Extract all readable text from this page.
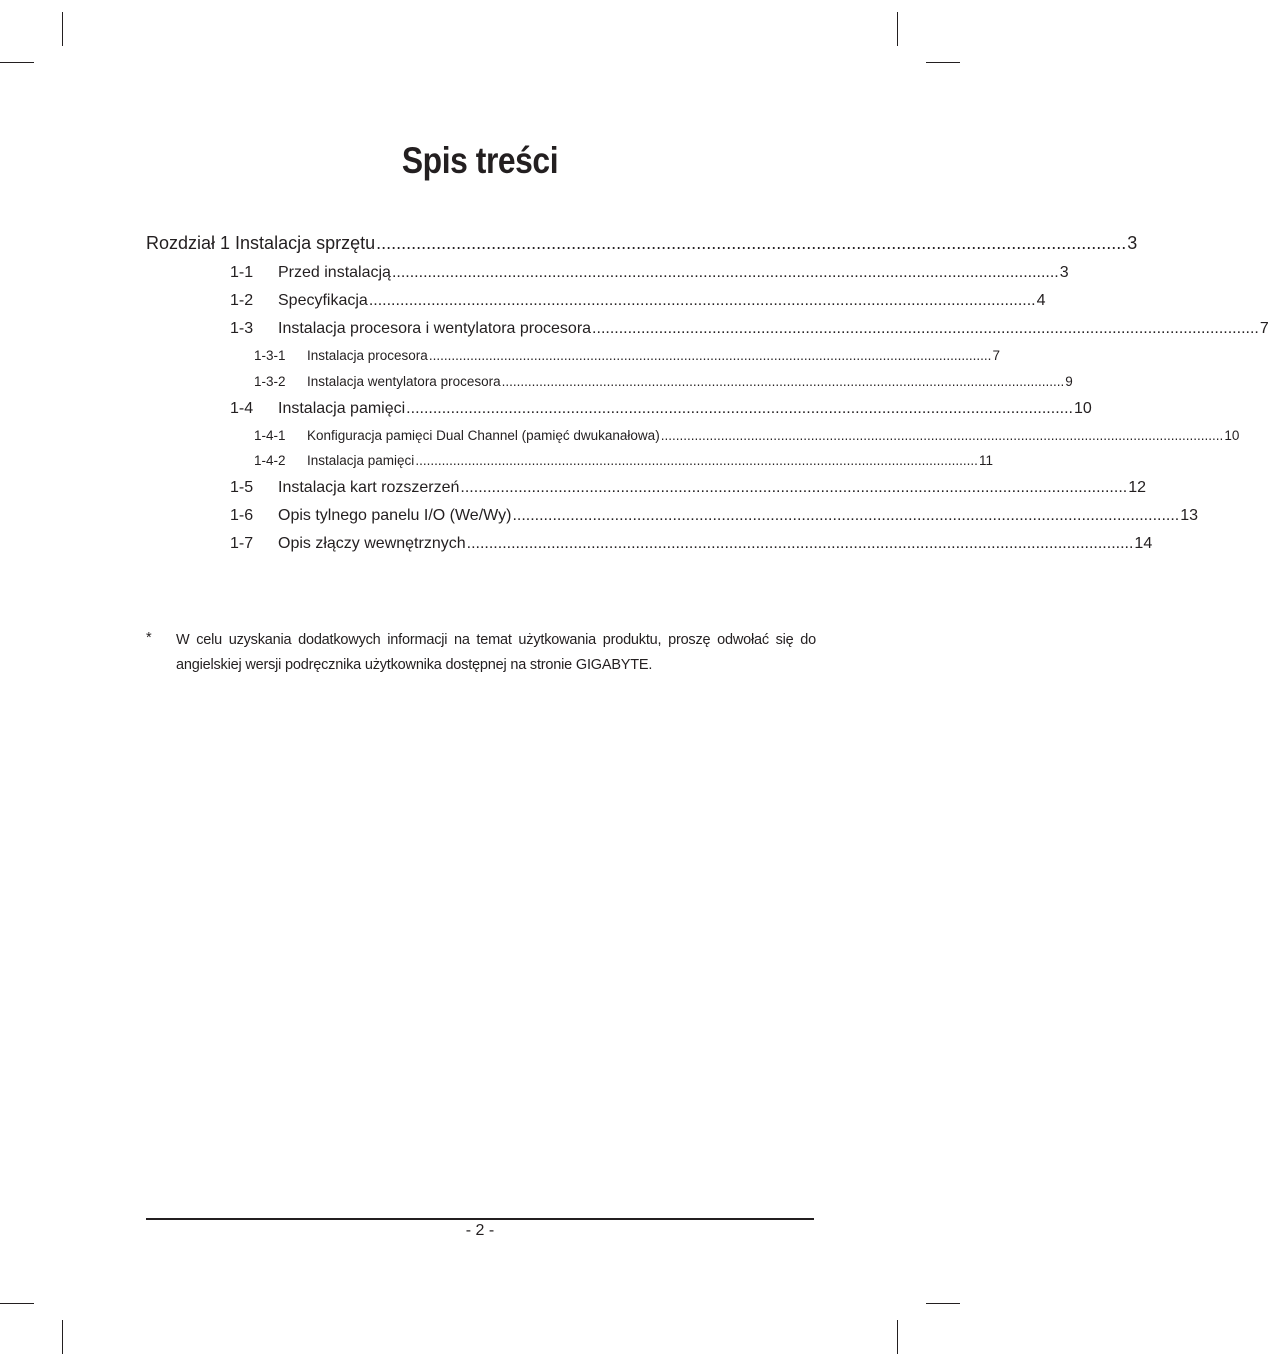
Spis treści
Rozdział 1 Instalacja sprzętu ...................................................................................................................................................... 3
1-1	Przed instalacją ...................................................................................................................................................... 3
1-2	Specyfikacja ...................................................................................................................................................... 4
1-3	Instalacja procesora i wentylatora procesora ...................................................................................................................................................... 7
1-3-1	Instalacja procesora ...................................................................................................................................................... 7
1-3-2	Instalacja wentylatora procesora ...................................................................................................................................................... 9
1-4	Instalacja pamięci ...................................................................................................................................................... 10
1-4-1	Konfiguracja pamięci Dual Channel (pamięć dwukanałowa) ...................................................................................................................................................... 10
1-4-2	Instalacja pamięci ...................................................................................................................................................... 11
1-5	Instalacja kart rozszerzeń ...................................................................................................................................................... 12
1-6	Opis tylnego panelu I/O (We/Wy) ...................................................................................................................................................... 13
1-7	Opis złączy wewnętrznych ...................................................................................................................................................... 14
* W celu uzyskania dodatkowych informacji na temat użytkowania produktu, proszę odwołać się do angielskiej wersji podręcznika użytkownika dostępnej na stronie GIGABYTE.
- 2 -
